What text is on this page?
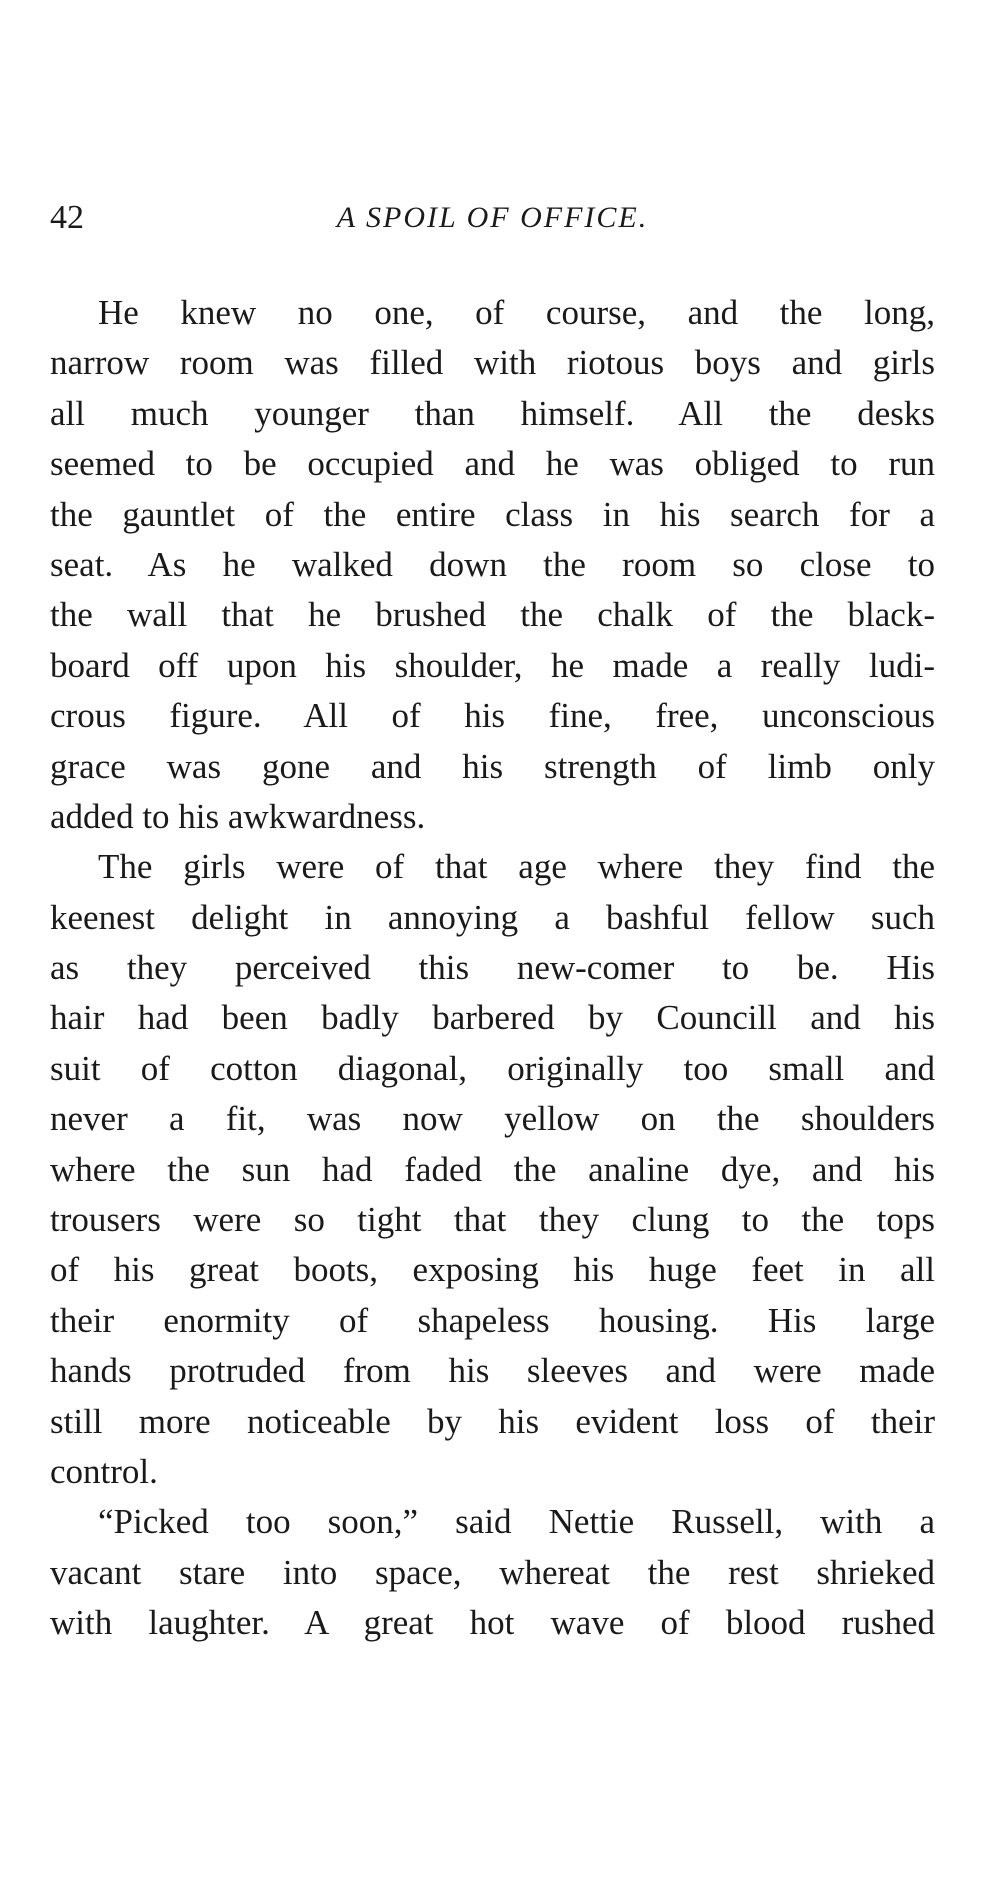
42	A SPOIL OF OFFICE.
He knew no one, of course, and the long,
narrow room was filled with riotous boys and girls
all much younger than himself. All the desks
seemed to be occupied and he was obliged to run
the gauntlet of the entire class in his search for a
seat. As he walked down the room so close to
the wall that he brushed the chalk of the black-
board off upon his shoulder, he made a really ludi-
crous figure. All of his fine, free, unconscious
grace was gone and his strength of limb only
added to his awkwardness.
The girls were of that age where they find the
keenest delight in annoying a bashful fellow such
as they perceived this new-comer to be. His
hair had been badly barbered by Councill and his
suit of cotton diagonal, originally too small and
never a fit, was now yellow on the shoulders
where the sun had faded the analine dye, and his
trousers were so tight that they clung to the tops
of his great boots, exposing his huge feet in all
their enormity of shapeless housing. His large
hands protruded from his sleeves and were made
still more noticeable by his evident loss of their
control.
“Picked too soon,” said Nettie Russell, with a
vacant stare into space, whereat the rest shrieked
with laughter. A great hot wave of blood rushed
